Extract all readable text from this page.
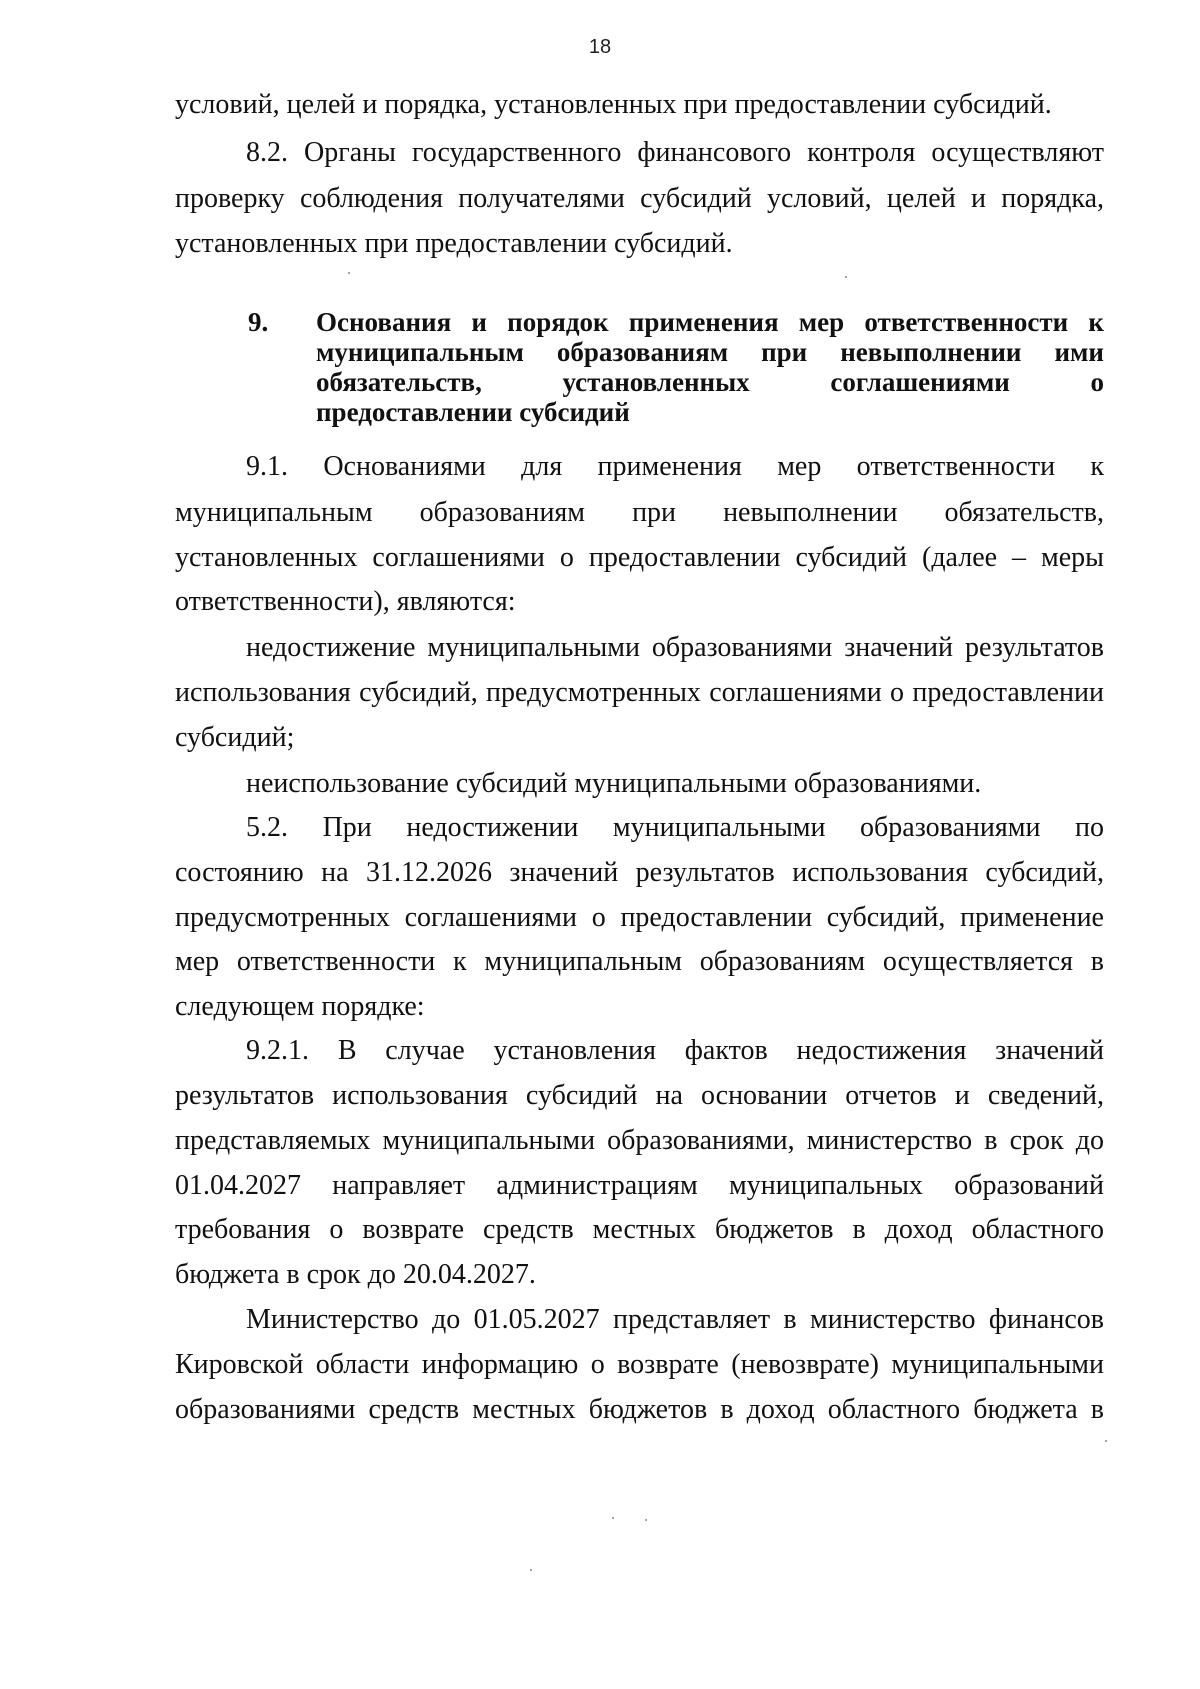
18
условий, целей и порядка, установленных при предоставлении субсидий.
8.2. Органы государственного финансового контроля осуществляют
проверку соблюдения получателями субсидий условий, целей и порядка,
установленных при предоставлении субсидий.
9. Основания и порядок применения мер ответственности к
муниципальным образованиям при невыполнении ими
обязательств, установленных соглашениями о
предоставлении субсидий
9.1. Основаниями для применения мер ответственности к
муниципальным образованиям при невыполнении обязательств,
установленных соглашениями о предоставлении субсидий (далее – меры
ответственности), являются:
недостижение муниципальными образованиями значений результатов
использования субсидий, предусмотренных соглашениями о предоставлении
субсидий;
неиспользование субсидий муниципальными образованиями.
5.2. При недостижении муниципальными образованиями по
состоянию на 31.12.2026 значений результатов использования субсидий,
предусмотренных соглашениями о предоставлении субсидий, применение
мер ответственности к муниципальным образованиям осуществляется в
следующем порядке:
9.2.1. В случае установления фактов недостижения значений
результатов использования субсидий на основании отчетов и сведений,
представляемых муниципальными образованиями, министерство в срок до
01.04.2027 направляет администрациям муниципальных образований
требования о возврате средств местных бюджетов в доход областного
бюджета в срок до 20.04.2027.
Министерство до 01.05.2027 представляет в министерство финансов
Кировской области информацию о возврате (невозврате) муниципальными
образованиями средств местных бюджетов в доход областного бюджета в
